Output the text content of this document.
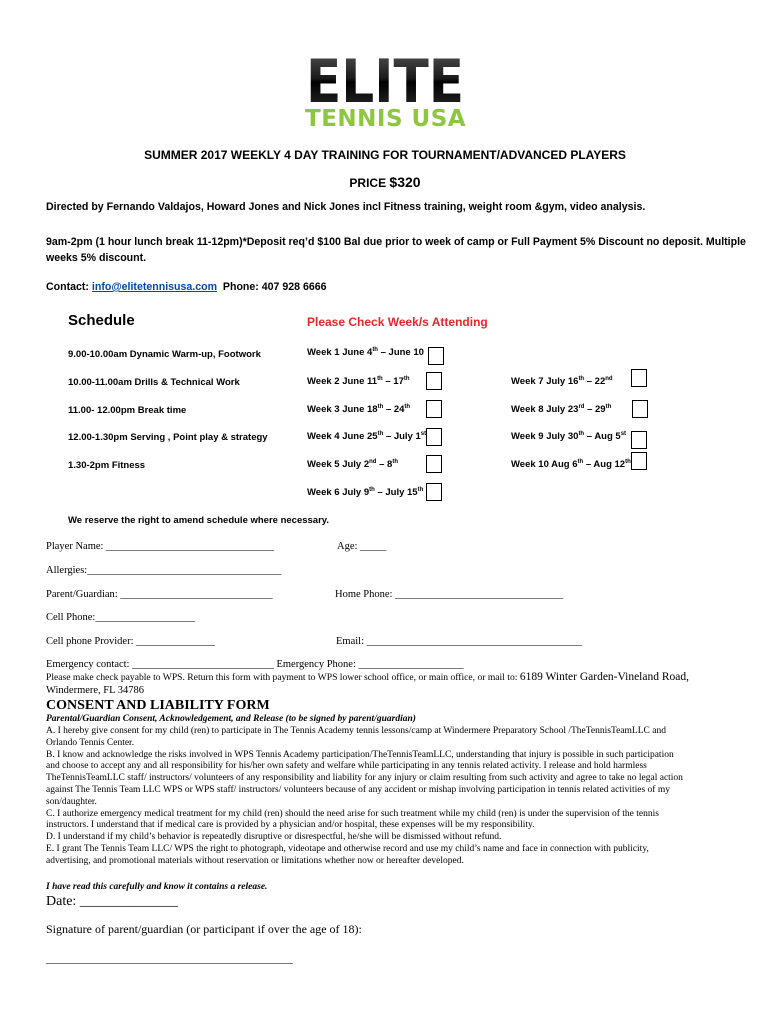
ELITE
TENNIS USA
SUMMER 2017 WEEKLY 4 DAY TRAINING FOR TOURNAMENT/ADVANCED PLAYERS
PRICE $320
Directed by Fernando Valdajos, Howard Jones and Nick Jones incl Fitness training, weight room &gym, video analysis.
9am-2pm (1 hour lunch break 11-12pm)*Deposit req’d $100 Bal due prior to week of camp or Full Payment 5% Discount no deposit. Multiple
weeks 5% discount.
Contact: info@elitetennisusa.com Phone: 407 928 6666
Schedule	Please Check Week/s Attending
9.00-10.00am Dynamic Warm-up, Footwork
10.00-11.00am Drills & Technical Work
11.00- 12.00pm Break time
12.00-1.30pm Serving , Point play & strategy
1.30-2pm Fitness
Week 1 June 4th – June 10
Week 2 June 11th – 17th
Week 3 June 18th – 24th
Week 4 June 25th – July 1st
Week 5 July 2nd – 8th
Week 6 July 9th – July 15th
Week 7 July 16th – 22nd
Week 8 July 23rd – 29th
Week 9 July 30th – Aug 5st
Week 10 Aug 6th – Aug 12th
We reserve the right to amend schedule where necessary.
Player Name: ________________________________	Age: _____
Allergies:_____________________________________
Parent/Guardian: _____________________________	Home Phone: ________________________________
Cell Phone:___________________
Cell phone Provider: _______________	Email: _________________________________________
Emergency contact: ___________________________ Emergency Phone: ____________________
Please make check payable to WPS. Return this form with payment to WPS lower school office, or main office, or mail to: 6189 Winter Garden-Vineland Road,
Windermere, FL 34786
CONSENT AND LIABILITY FORM
Parental/Guardian Consent, Acknowledgement, and Release (to be signed by parent/guardian)
A. I hereby give consent for my child (ren) to participate in The Tennis Academy tennis lessons/camp at Windermere Preparatory School /TheTennisTeamLLC and
Orlando Tennis Center.
B. I know and acknowledge the risks involved in WPS Tennis Academy participation/TheTennisTeamLLC, understanding that injury is possible in such participation
and choose to accept any and all responsibility for his/her own safety and welfare while participating in any tennis related activity. I release and hold harmless
TheTennisTeamLLC staff/ instructors/ volunteers of any responsibility and liability for any injury or claim resulting from such activity and agree to take no legal action
against The Tennis Team LLC WPS or WPS staff/ instructors/ volunteers because of any accident or mishap involving participation in tennis related activities of my
son/daughter.
C. I authorize emergency medical treatment for my child (ren) should the need arise for such treatment while my child (ren) is under the supervision of the tennis
instructors. I understand that if medical care is provided by a physician and/or hospital, these expenses will be my responsibility.
D. I understand if my child’s behavior is repeatedly disruptive or disrespectful, he/she will be dismissed without refund.
E. I grant The Tennis Team LLC/ WPS the right to photograph, videotape and otherwise record and use my child’s name and face in connection with publicity,
advertising, and promotional materials without reservation or limitations whether now or hereafter developed.
I have read this carefully and know it contains a release.
Date: ______________
Signature of parent/guardian (or participant if over the age of 18):
_______________________________________________
